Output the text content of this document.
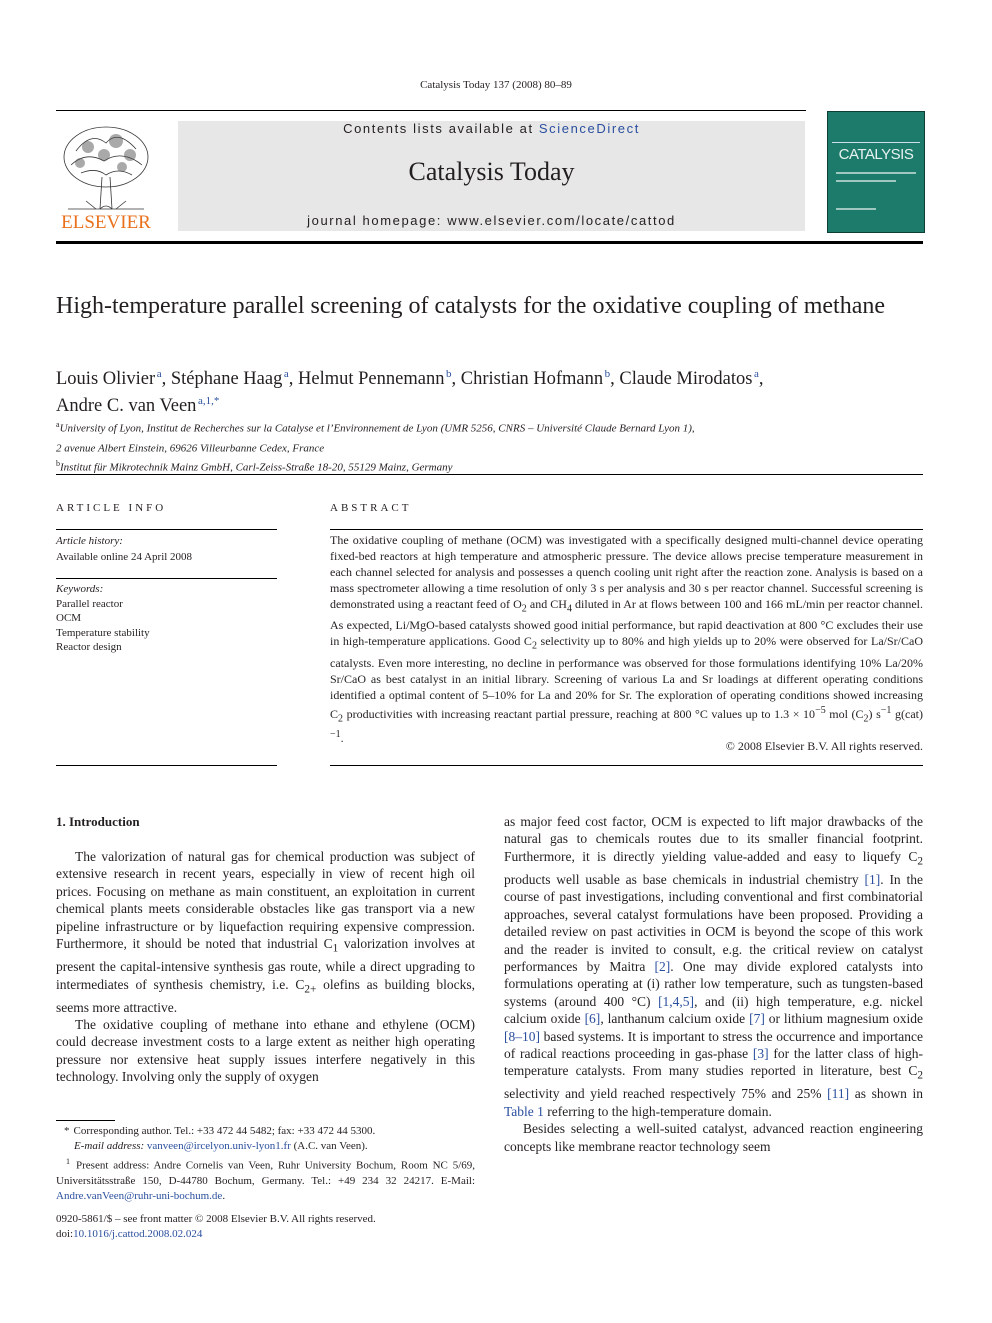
Catalysis Today 137 (2008) 80–89
ELSEVIER
Contents lists available at ScienceDirect
Catalysis Today
journal homepage: www.elsevier.com/locate/cattod
CATALYSIS
High-temperature parallel screening of catalysts for the oxidative coupling of methane
Louis Olivier  $^a$, Stéphane Haag  $^a$, Helmut Pennemann  $^b$, Christian Hofmann  $^b$, Claude Mirodatos  $^a$,
Andre C. van Veen  $^{a,1,*}$
$^a$University of Lyon, Institut de Recherches sur la Catalyse et l’Environnement de Lyon (UMR 5256, CNRS – Université Claude Bernard Lyon 1),
2 avenue Albert Einstein, 69626 Villeurbanne Cedex, France
$^b$Institut für Mikrotechnik Mainz GmbH, Carl-Zeiss-Straße 18-20, 55129 Mainz, Germany
ARTICLE INFO	ABSTRACT
Article history:
Available online 24 April 2008
Keywords:
Parallel reactor
OCM
Temperature stability
Reactor design
The oxidative coupling of methane (OCM) was investigated with a specifically designed multi-channel device operating fixed-bed reactors at high temperature and atmospheric pressure. The device allows precise temperature measurement in each channel selected for analysis and possesses a quench cooling unit right after the reaction zone. Analysis is based on a mass spectrometer allowing a time resolution of only 3 s per analysis and 30 s per reactor channel. Successful screening is demonstrated using a reactant feed of $O_2$ and $CH_4$ diluted in Ar at flows between 100 and 166 mL/min per reactor channel. As expected, Li/MgO-based catalysts showed good initial performance, but rapid deactivation at 800 °C excludes their use in high-temperature applications. Good $C_2$ selectivity up to 80% and high yields up to 20% were observed for La/Sr/CaO catalysts. Even more interesting, no decline in performance was observed for those formulations identifying 10% La/20% Sr/CaO as best catalyst in an initial library. Screening of various La and Sr loadings at different operating conditions identified a optimal content of 5–10% for La and 20% for Sr. The exploration of operating conditions showed increasing $C_2$ productivities with increasing reactant partial pressure, reaching at 800 °C values up to $1.3 \times 10^{-5}$ mol $(C_2)$ $s^{-1}$ g(cat)$^{-1}$.
© 2008 Elsevier B.V. All rights reserved.
1. Introduction

The valorization of natural gas for chemical production was subject of extensive research in recent years, especially in view of recent high oil prices. Focusing on methane as main constituent, an exploitation in current chemical plants meets considerable obstacles like gas transport via a new pipeline infrastructure or by liquefaction requiring expensive compression. Furthermore, it should be noted that industrial $C_1$ valorization involves at present the capital-intensive synthesis gas route, while a direct upgrading to intermediates of synthesis chemistry, i.e. $C_{2+}$ olefins as building blocks, seems more attractive.

The oxidative coupling of methane into ethane and ethylene (OCM) could decrease investment costs to a large extent as neither high operating pressure nor extensive heat supply issues interfere negatively in this technology. Involving only the supply of oxygen

as major feed cost factor, OCM is expected to lift major drawbacks of the natural gas to chemicals routes due to its smaller financial footprint. Furthermore, it is directly yielding value-added and easy to liquefy $C_2$ products well usable as base chemicals in industrial chemistry [1]. In the course of past investigations, including conventional and first combinatorial approaches, several catalyst formulations have been proposed. Providing a detailed review on past activities in OCM is beyond the scope of this work and the reader is invited to consult, e.g. the critical review on catalyst performances by Maitra [2]. One may divide explored catalysts into formulations operating at (i) rather low temperature, such as tungsten-based systems (around 400 °C) [1,4,5], and (ii) high temperature, e.g. nickel calcium oxide [6], lanthanum calcium oxide [7] or lithium magnesium oxide [8–10] based systems. It is important to stress the occurrence and importance of radical reactions proceeding in gas-phase [3] for the latter class of high-temperature catalysts. From many studies reported in literature, best $C_2$ selectivity and yield reached respectively 75% and 25% [11] as shown in Table 1 referring to the high-temperature domain.

Besides selecting a well-suited catalyst, advanced reaction engineering concepts like membrane reactor technology seem

* Corresponding author. Tel.: +33 472 44 5482; fax: +33 472 44 5300.
E-mail address: vanveen@ircelyon.univ-lyon1.fr (A.C. van Veen).
$^1$ Present address: Andre Cornelis van Veen, Ruhr University Bochum, Room NC 5/69, Universitätsstraße 150, D-44780 Bochum, Germany. Tel.: +49 234 32 24217. E-Mail: Andre.vanVeen@ruhr-uni-bochum.de.
0920-5861/$ – see front matter © 2008 Elsevier B.V. All rights reserved.
doi:10.1016/j.cattod.2008.02.024
